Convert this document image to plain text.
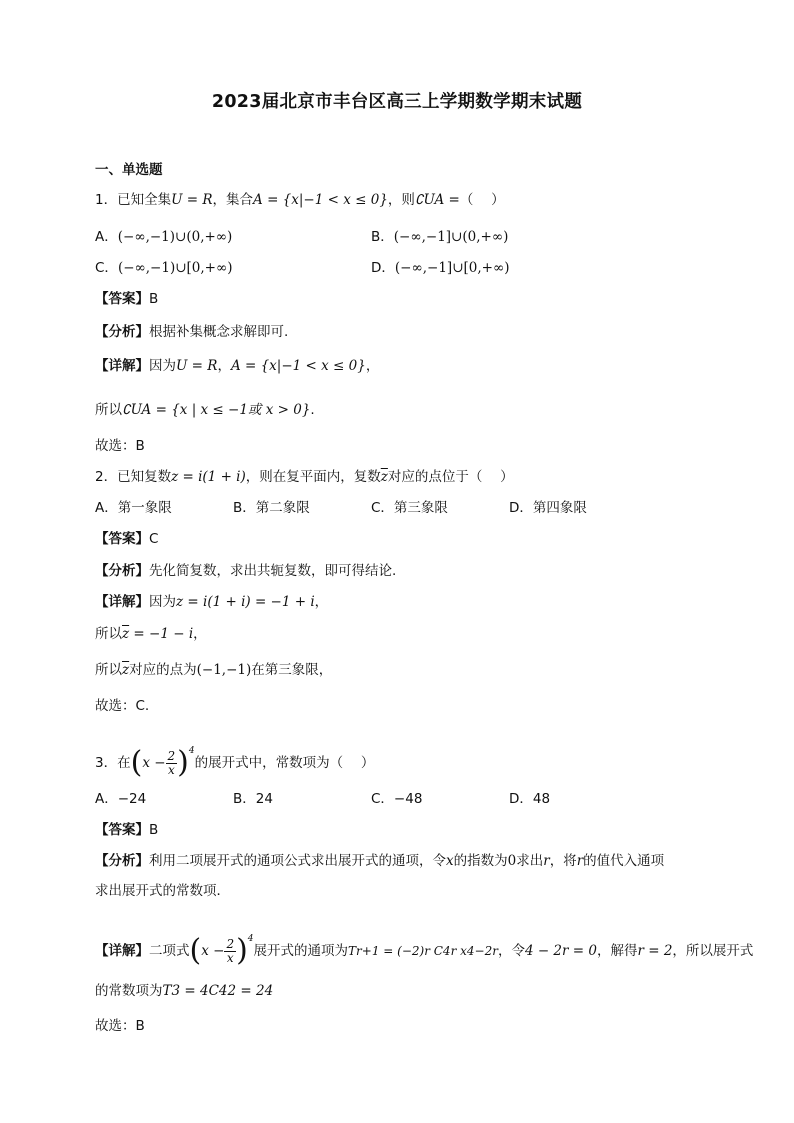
2023届北京市丰台区高三上学期数学期末试题
一、单选题
1．已知全集U = R，集合A = {x|−1 < x ≤ 0}，则∁UA =（　 ）
A．(−∞,−1)∪(0,+∞)	B．(−∞,−1]∪(0,+∞)
C．(−∞,−1)∪[0,+∞)	D．(−∞,−1]∪[0,+∞)
【答案】B
【分析】根据补集概念求解即可.
【详解】因为U = R，A = {x|−1 < x ≤ 0}，
所以∁UA = {x | x ≤ −1或 x > 0}.
故选：B
2．已知复数z = i(1 + i)，则在复平面内，复数$\overline{z}$对应的点位于（　 ）
A．第一象限	B．第二象限	C．第三象限	D．第四象限
【答案】C
【分析】先化简复数，求出共轭复数，即可得结论.
【详解】因为z = i(1 + i) = −1 + i，
所以$\overline{z} = -1 - i$，
所以$\overline{z}$对应的点为(−1,−1)在第三象限，
故选：C.
3．在$(x - \frac{2}{x} )^4$的展开式中，常数项为（　 ）
A．−24	B．24	C．−48	D．48
【答案】B
【分析】利用二项展开式的通项公式求出展开式的通项，令x的指数为0求出r，将r的值代入通项
求出展开式的常数项．
【详解】二项式$(x - \frac{2}{x} )^4$展开式的通项为Tr+1 = (−2)r C4r x4−2r，令4 − 2r = 0，解得r = 2，所以展开式
的常数项为T3 = 4C42 = 24
故选：B
